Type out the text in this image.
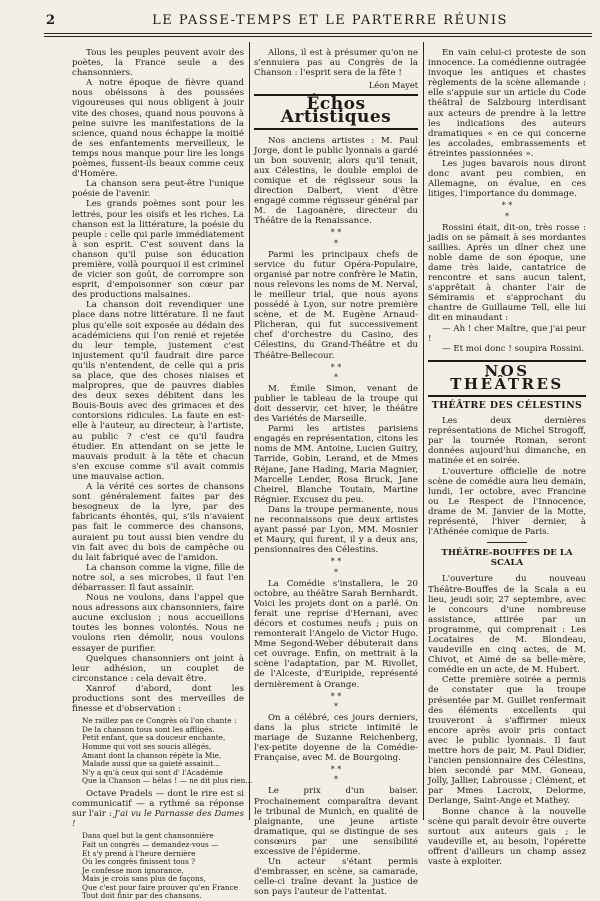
2	LE PASSE-TEMPS ET LE PARTERRE RÉUNIS

Tous les peuples peuvent avoir des poètes, la France seule a des chansonniers.

A notre époque de fièvre quand nous obéissons à des poussées vigoureuses qui nous obligent à jouir vite des choses, quand nous pouvons à peine suivre les manifestations de la science, quand nous échappe la moitié de ses enfantements merveilleux, le temps nous manque pour lire les longs poèmes, fussent-ils beaux comme ceux d'Homère.

La chanson sera peut-être l'unique poésie de l'avenir.

Les grands poèmes sont pour les lettrés, pour les oisifs et les riches. La chanson est la littérature, la poésie du peuple : celle qui parle immédiatement à son esprit. C'est souvent dans la chanson qu'il puise son éducation première, voilà pourquoi il est criminel de vicier son goût, de corrompre son esprit, d'empoisonner son cœur par des productions malsaines.

La chanson doit revendiquer une place dans notre littérature. Il ne faut plus qu'elle soit exposée au dédain des académiciens qui l'on renié et rejetée du leur temple, justement c'est injustement qu'il faudrait dire parce qu'ils n'entendent, de celle qui a pris sa place, que des choses niaises et malpropres, que de pauvres diables des deux sexes débitent dans les Bouis-Bouis avec des grimaces et des contorsions ridicules. La faute en est-elle à l'auteur, au directeur, à l'artiste, au public ? c'est ce qu'il faudra étudier. En attendant on se jette le mauvais produit à la tête et chacun s'en excuse comme s'il avait commis une mauvaise action.

A la vérité ces sortes de chansons sont généralement faites par des besogneux de la lyre, par des fabricants éhontés, qui, s'ils n'avaient pas fait le commerce des chansons, auraient pu tout aussi bien vendre du vin fait avec du bois de campêche ou du lait fabriqué avec de l'amidon.

La chanson comme la vigne, fille de notre sol, a ses microbes, il faut l'en débarrasser. Il faut assainir.

Nous ne voulons, dans l'appel que nous adressons aux chansonniers, faire aucune exclusion ; nous accueillons toutes les bonnes volontés. Nous ne voulons rien démolir, nous voulons essayer de purifier.

Quelques chansonniers ont joint à leur adhésion, un couplet de circonstance : cela devait être.

Xanrof d'abord, dont les productions sont des merveilles de finesse et d'observation :

Ne raillez pas ce Congrès où l'on chante :
De la chanson tous sont les affligés.
Petit enfant, que sa douceur enchante,
Homme qui voit ses soucis allégés,
Amant dont la chanson répète la Mie,
Malade aussi que sa gaieté assainit...
N'y a qu'à ceux qui sont d' l'Académie
Que la Chanson — hélas ! — ne dit plus rien...

Octave Pradels — dont le rire est si communicatif — a rythmé sa réponse sur l'air : J'ai vu le Parnasse des Dames !

Dans quel but la gent chansonnière
Fait un congrès — demandez-vous —
Et s'y prend à l'heure dernière
Où les congrès finissent tous ?
Je confesse mon ignorance,
Mais je crois sans plus de façons,
Que c'est pour faire prouver qu'en France
Tout doit finir par des chansons.

Allons, il est à présumer qu'on ne s'ennuiera pas au Congrès de la Chanson : l'esprit sera de la fête !

Léon Mayet
Échos Artistiques

Nos anciens artistes : M. Paul Jorge, dont le public lyonnais a gardé un bon souvenir, alors qu'il tenait, aux Célestins, le double emploi de comique et de régisseur sous la direction Dalbert, vient d'être engagé comme régisseur général par M. de Lagoanère, directeur du Théâtre de la Renaissance.

* *
*

Parmi les principaux chefs de service du futur Opéra-Populaire, organisé par notre confrère le Matin, nous relevons les noms de M. Nerval, le meilleur trial, que nous ayons possédé à Lyon, sur notre première scène, et de M. Eugène Arnaud-Plicheran, qui fut successivement chef d'orchestre du Casino, des Célestins, du Grand-Théâtre et du Théâtre-Bellecour.

* *
*

M. Émile Simon, venant de publier le tableau de la troupe qui doit desservir, cet hiver, le théâtre des Variétés de Marseille.

Parmi les artistes parisiens engagés en représentation, citons les noms de MM. Antoine, Lucien Guitry, Tarride, Gobin, Lerand, et de Mmes Réjane, Jane Hading, Maria Magnier, Marcelle Lender, Rosa Bruck, Jane Cheirel, Blanche Toutain, Martine Régnier. Excusez du peu.

Dans la troupe permanente, nous ne reconnaissons que deux artistes ayant passé par Lyon, MM. Mosnier et Maury, qui furent, il y a deux ans, pensionnaires des Célestins.

* *
*

La Comédie s'installera, le 20 octobre, au théâtre Sarah Bernhardt. Voici les projets dont on a parlé. On ferait une reprise d'Hernani, avec décors et costumes neufs ; puis on remonterait l'Angelo de Victor Hugo. Mme Segond-Weber débuterait dans cet ouvrage. Enfin, on mettrait à la scène l'adaptation, par M. Rivollet, de l'Alceste, d'Euripide, représenté dernièrement à Orange.

* *
*

On a célébré, ces jours derniers, dans la plus stricte intimité le mariage de Suzanne Reichenberg, l'ex-petite doyenne de la Comédie-Française, avec M. de Bourgoing.

* *
*

Le prix d'un baiser. Prochainement comparaîtra devant le tribunal de Munich, en qualité de plaignante, une jeune artiste dramatique, qui se distingue de ses consœurs par une sensibilité excessive de l'épiderme.

Un acteur s'étant permis d'embrasser, en scène, sa camarade, celle-ci traîne devant la justice de son pays l'auteur de l'attentat.

En vain celui-ci proteste de son innocence. La comédienne outragée invoque les antiques et chastes règlements de la scène allemande : elle s'appuie sur un article du Code théâtral de Salzbourg interdisant aux acteurs de prendre à la lettre les indications des auteurs dramatiques « en ce qui concerne les accolades, embrassements et étreintes passionnées ».

Les juges bavarois nous diront donc avant peu combien, en Allemagne, on évalue, en ces litiges, l'importance du dommage.

* *
*

Rossini était, dit-on, très rosse : jadis on se pâmait à ses mordantes saillies. Après un dîner chez une noble dame de son époque, une dame très laide, cantatrice de rencontre et sans aucun talent, s'apprêtait à chanter l'air de Sémiramis et s'approchant du chantre de Guillaume Tell, elle lui dit en minaudant :

— Ah ! cher Maître, que j'ai peur !

— Et moi donc ! soupira Rossini.

NOS THÉÂTRES
THÉÂTRE DES CÉLESTINS

Les deux dernières représentations de Michel Strogoff, par la tournée Roman, seront données aujourd'hui dimanche, en matinée et en soirée.

L'ouverture officielle de notre scène de comédie aura lieu demain, lundi, 1er octobre, avec Francine ou Le Respect de l'Innocence, drame de M. Janvier de la Motte, représenté, l'hiver dernier, à l'Athénée comique de Paris.

THÉÂTRE-BOUFFES DE LA SCALA

L'ouverture du nouveau Théâtre-Bouffes de la Scala a eu lieu, jeudi soir, 27 septembre, avec le concours d'une nombreuse assistance, attirée par un programme, qui comprenait : Les Locataires de M. Blondeau, vaudeville en cinq actes, de M. Chivot, et Aimé de sa belle-mère, comédie en un acte, de M. Hubert.

Cette première soirée a permis de constater que la troupe présentée par M. Guillet renfermait des éléments excellents qui trouveront à s'affirmer mieux encore après avoir pris contact avec le public lyonnais. Il faut mettre hors de pair, M. Paul Didier, l'ancien pensionnaire des Célestins, bien secondé par MM. Goneau, Jolly, Jallier, Labrousse ; Clément, et par Mmes Lacroix, Delorme, Derlange, Saint-Ange et Mathey.

Bonne chance à la nouvelle scène qui paraît devoir être ouverte surtout aux auteurs gais ; le vaudeville et, au besoin, l'opérette offrent d'ailleurs un champ assez vaste à exploiter.
